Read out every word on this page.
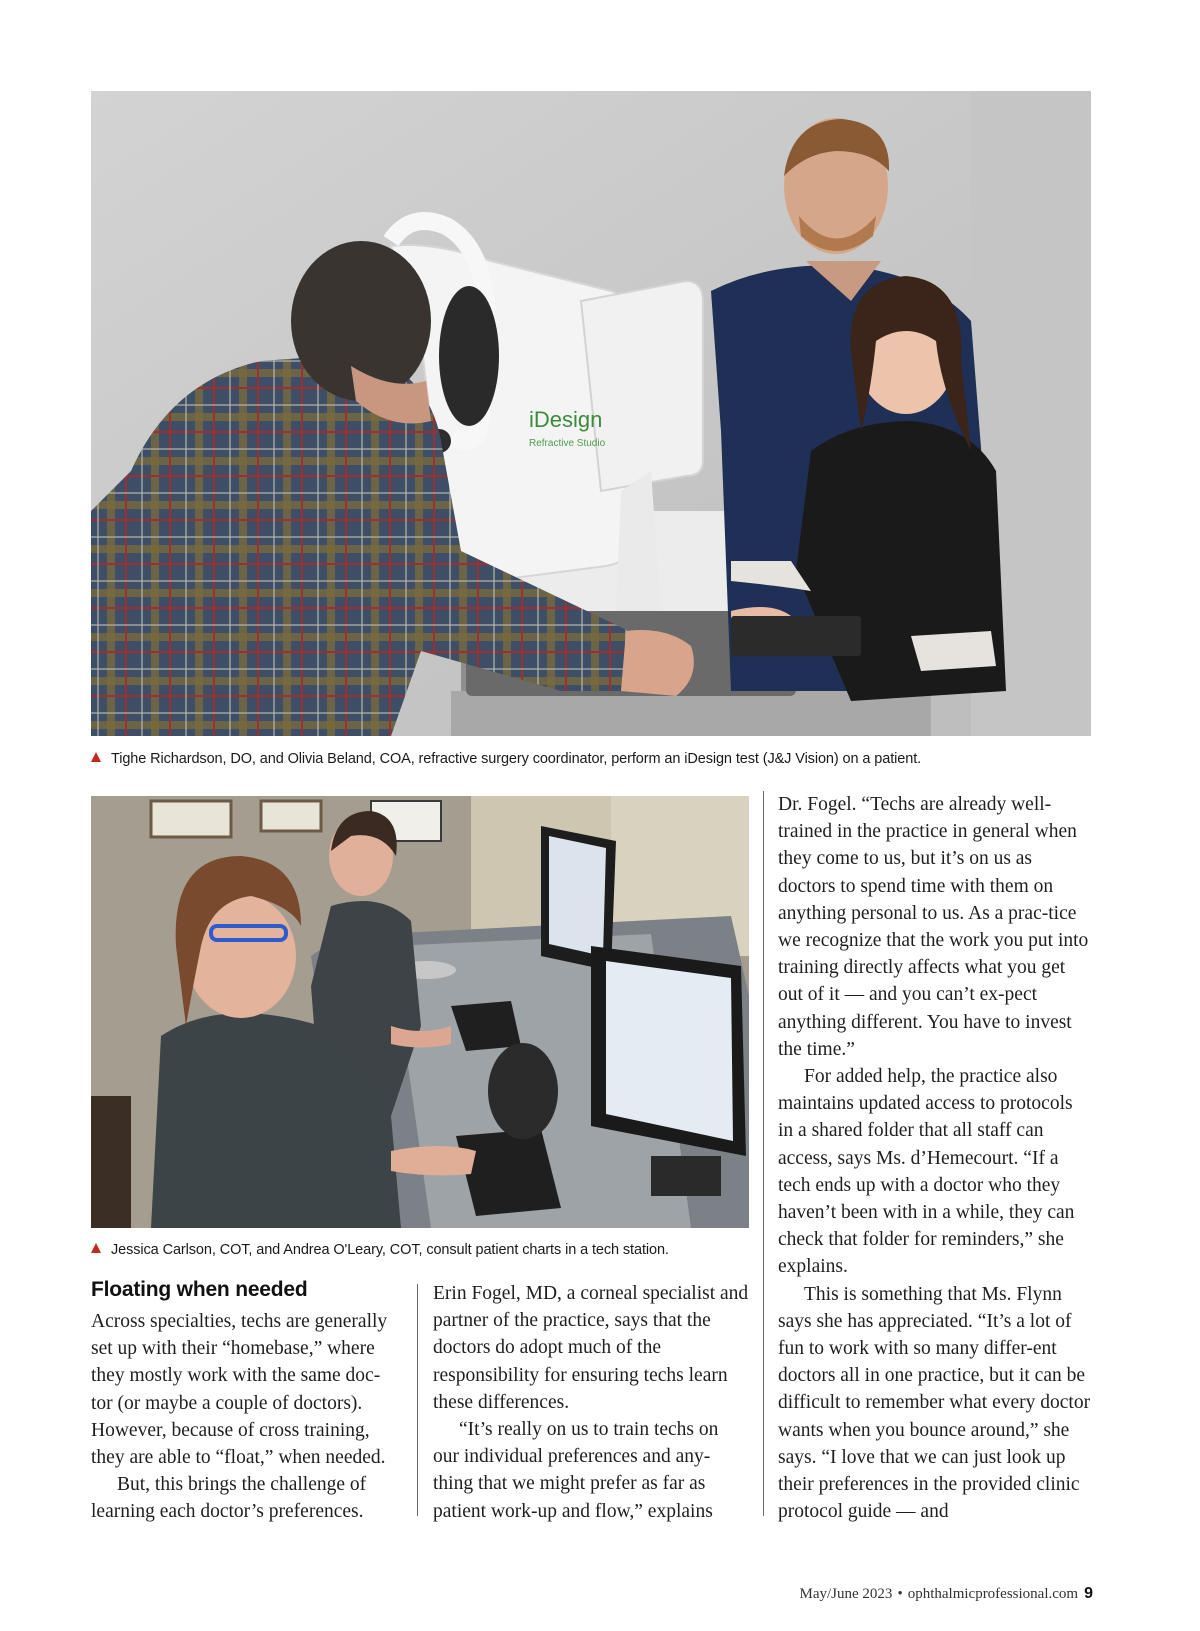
iDesign
Refractive Studio
Tighe Richardson, DO, and Olivia Beland, COA, refractive surgery coordinator, perform an iDesign test (J&J Vision) on a patient.
Jessica Carlson, COT, and Andrea O'Leary, COT, consult patient charts in a tech station.
Floating when needed

Across specialties, techs are generally set up with their “homebase,” where they mostly work with the same doc-tor (or maybe a couple of doctors). However, because of cross training, they are able to “float,” when needed.

But, this brings the challenge of learning each doctor’s preferences.

Erin Fogel, MD, a corneal specialist and partner of the practice, says that the doctors do adopt much of the responsibility for ensuring techs learn these differences.

“It’s really on us to train techs on our individual preferences and any-thing that we might prefer as far as patient work-up and flow,” explains

Dr. Fogel. “Techs are already well-trained in the practice in general when they come to us, but it’s on us as doctors to spend time with them on anything personal to us. As a prac-tice we recognize that the work you put into training directly affects what you get out of it — and you can’t ex-pect anything different. You have to invest the time.”

For added help, the practice also maintains updated access to protocols in a shared folder that all staff can access, says Ms. d’Hemecourt. “If a tech ends up with a doctor who they haven’t been with in a while, they can check that folder for reminders,” she explains.

This is something that Ms. Flynn says she has appreciated. “It’s a lot of fun to work with so many differ-ent doctors all in one practice, but it can be difficult to remember what every doctor wants when you bounce around,” she says. “I love that we can just look up their preferences in the provided clinic protocol guide — and

May/June 2023 • ophthalmicprofessional.com 9
